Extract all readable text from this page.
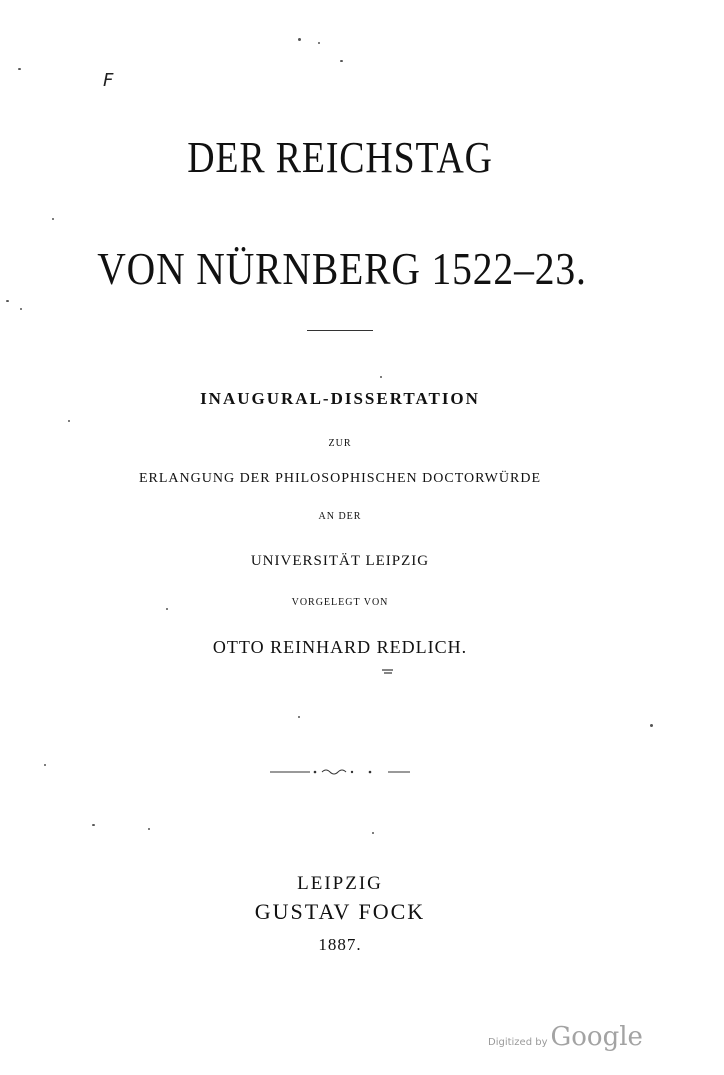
F
DER REICHSTAG
VON NÜRNBERG 1522–23.
INAUGURAL-DISSERTATION
ZUR
ERLANGUNG DER PHILOSOPHISCHEN DOCTORWÜRDE
AN DER
UNIVERSITÄT LEIPZIG
VORGELEGT VON
OTTO REINHARD REDLICH.
LEIPZIG
GUSTAV FOCK
1887.
Digitized by Google
